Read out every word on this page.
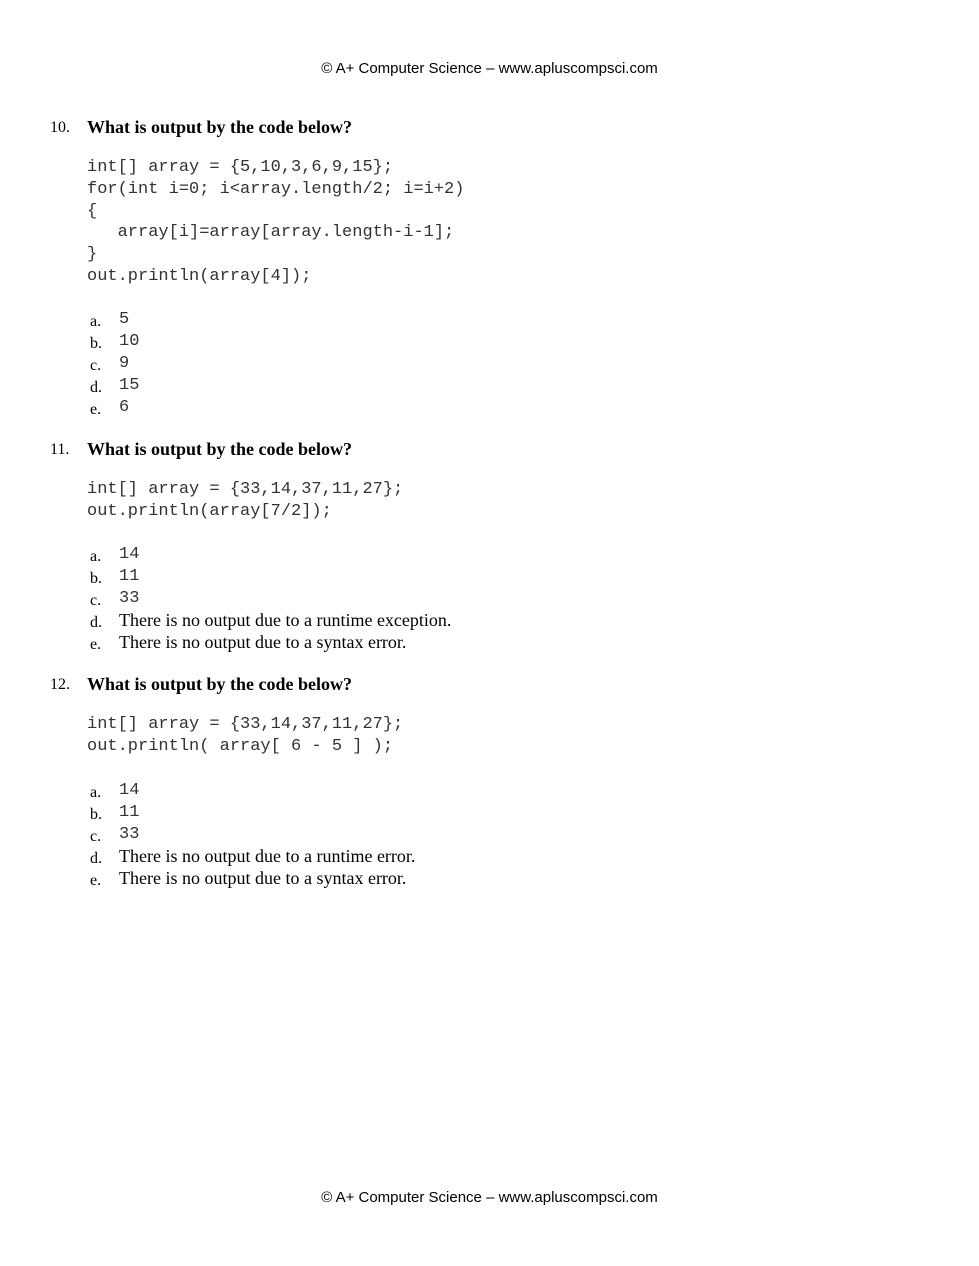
© A+ Computer Science – www.apluscompsci.com
10. What is output by the code below?
int[] array = {5,10,3,6,9,15};
for(int i=0; i<array.length/2; i=i+2)
{
array[i]=array[array.length-i-1];
}
out.println(array[4]);
a. 5
b. 10
c. 9
d. 15
e. 6
11. What is output by the code below?
int[] array = {33,14,37,11,27};
out.println(array[7/2]);
a. 14
b. 11
c. 33
d. There is no output due to a runtime exception.
e. There is no output due to a syntax error.
12. What is output by the code below?
int[] array = {33,14,37,11,27};
out.println( array[ 6 - 5 ] );
a. 14
b. 11
c. 33
d. There is no output due to a runtime error.
e. There is no output due to a syntax error.
© A+ Computer Science – www.apluscompsci.com
